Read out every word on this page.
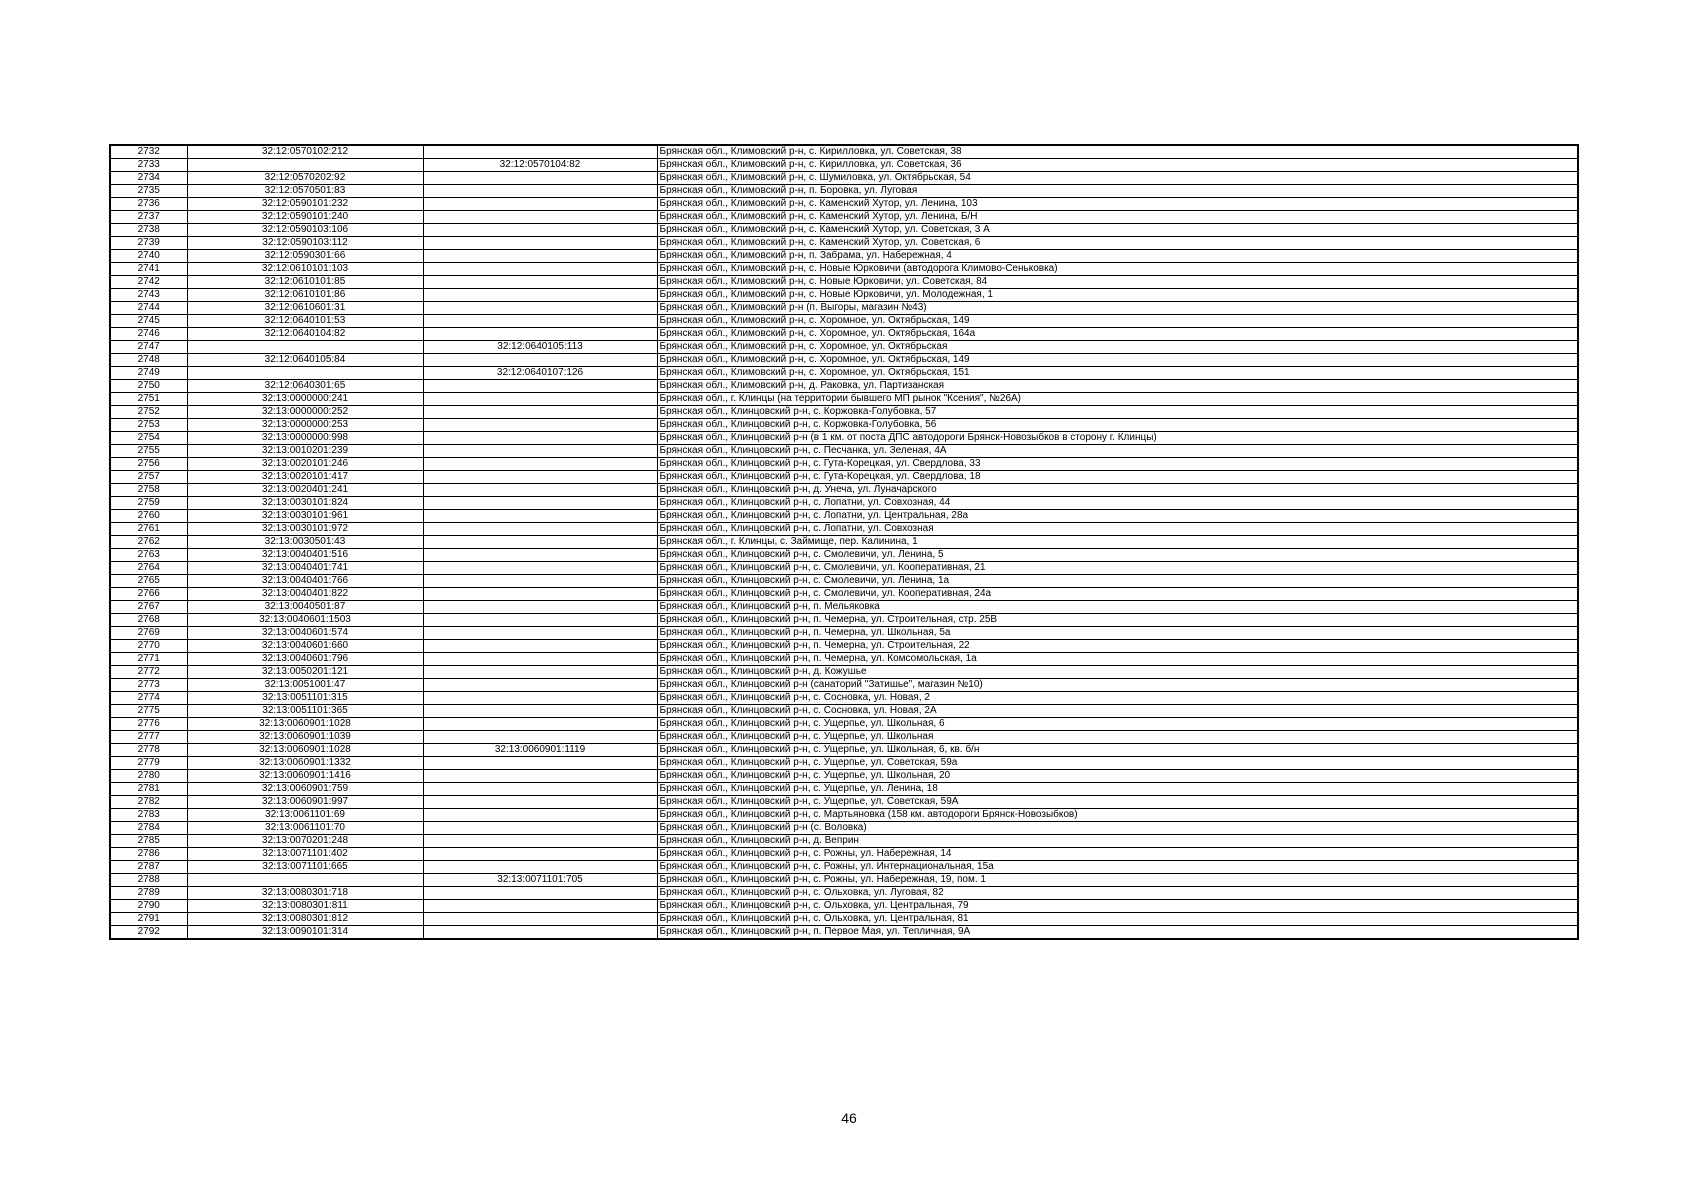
2732	32:12:0570102:212		Брянская обл., Климовский р-н, с. Кирилловка, ул. Советская, 38
2733		32:12:0570104:82	Брянская обл., Климовский р-н, с. Кирилловка, ул. Советская, 36
2734	32:12:0570202:92		Брянская обл., Климовский р-н, с. Шумиловка, ул. Октябрьская, 54
2735	32:12:0570501:83		Брянская обл., Климовский р-н, п. Боровка, ул. Луговая
2736	32:12:0590101:232		Брянская обл., Климовский р-н, с. Каменский Хутор, ул. Ленина, 103
2737	32:12:0590101:240		Брянская обл., Климовский р-н, с. Каменский Хутор, ул. Ленина, Б/Н
2738	32:12:0590103:106		Брянская обл., Климовский р-н, с. Каменский Хутор, ул. Советская, 3 А
2739	32:12:0590103:112		Брянская обл., Климовский р-н, с. Каменский Хутор, ул. Советская, 6
2740	32:12:0590301:66		Брянская обл., Климовский р-н, п. Забрама, ул. Набережная, 4
2741	32:12:0610101:103		Брянская обл., Климовский р-н, с. Новые Юрковичи (автодорога Климово-Сеньковка)
2742	32:12:0610101:85		Брянская обл., Климовский р-н, с. Новые Юрковичи, ул. Советская, 84
2743	32:12:0610101:86		Брянская обл., Климовский р-н, с. Новые Юрковичи, ул. Молодежная, 1
2744	32:12:0610601:31		Брянская обл., Климовский р-н (п. Выгоры, магазин №43)
2745	32:12:0640101:53		Брянская обл., Климовский р-н, с. Хоромное, ул. Октябрьская, 149
2746	32:12:0640104:82		Брянская обл., Климовский р-н, с. Хоромное, ул. Октябрьская, 164а
2747		32:12:0640105:113	Брянская обл., Климовский р-н, с. Хоромное, ул. Октябрьская
2748	32:12:0640105:84		Брянская обл., Климовский р-н, с. Хоромное, ул. Октябрьская, 149
2749		32:12:0640107:126	Брянская обл., Климовский р-н, с. Хоромное, ул. Октябрьская, 151
2750	32:12:0640301:65		Брянская обл., Климовский р-н, д. Раковка, ул. Партизанская
2751	32:13:0000000:241		Брянская обл., г. Клинцы (на территории бывшего МП рынок "Ксения", №26А)
2752	32:13:0000000:252		Брянская обл., Клинцовский р-н, с. Коржовка-Голубовка, 57
2753	32:13:0000000:253		Брянская обл., Клинцовский р-н, с. Коржовка-Голубовка, 56
2754	32:13:0000000:998		Брянская обл., Клинцовский р-н (в 1 км. от поста ДПС автодороги Брянск-Новозыбков в сторону г. Клинцы)
2755	32:13:0010201:239		Брянская обл., Клинцовский р-н, с. Песчанка, ул. Зеленая, 4А
2756	32:13:0020101:246		Брянская обл., Клинцовский р-н, с. Гута-Корецкая, ул. Свердлова, 33
2757	32:13:0020101:417		Брянская обл., Клинцовский р-н, с. Гута-Корецкая, ул. Свердлова, 18
2758	32:13:0020401:241		Брянская обл., Клинцовский р-н, д. Унеча, ул. Луначарского
2759	32:13:0030101:824		Брянская обл., Клинцовский р-н, с. Лопатни, ул. Совхозная, 44
2760	32:13:0030101:961		Брянская обл., Клинцовский р-н, с. Лопатни, ул. Центральная, 28а
2761	32:13:0030101:972		Брянская обл., Клинцовский р-н, с. Лопатни, ул. Совхозная
2762	32:13:0030501:43		Брянская обл., г. Клинцы, с. Займище, пер. Калинина, 1
2763	32:13:0040401:516		Брянская обл., Клинцовский р-н, с. Смолевичи, ул. Ленина, 5
2764	32:13:0040401:741		Брянская обл., Клинцовский р-н, с. Смолевичи, ул. Кооперативная, 21
2765	32:13:0040401:766		Брянская обл., Клинцовский р-н, с. Смолевичи, ул. Ленина, 1а
2766	32:13:0040401:822		Брянская обл., Клинцовский р-н, с. Смолевичи, ул. Кооперативная, 24а
2767	32:13:0040501:87		Брянская обл., Клинцовский р-н, п. Мельяковка
2768	32:13:0040601:1503		Брянская обл., Клинцовский р-н, п. Чемерна, ул. Строительная, стр. 25В
2769	32:13:0040601:574		Брянская обл., Клинцовский р-н, п. Чемерна, ул. Школьная, 5а
2770	32:13:0040601:660		Брянская обл., Клинцовский р-н, п. Чемерна, ул. Строительная, 22
2771	32:13:0040601:796		Брянская обл., Клинцовский р-н, п. Чемерна, ул. Комсомольская, 1а
2772	32:13:0050201:121		Брянская обл., Клинцовский р-н, д. Кожушье
2773	32:13:0051001:47		Брянская обл., Клинцовский р-н (санаторий "Затишье", магазин №10)
2774	32:13:0051101:315		Брянская обл., Клинцовский р-н, с. Сосновка, ул. Новая, 2
2775	32:13:0051101:365		Брянская обл., Клинцовский р-н, с. Сосновка, ул. Новая, 2А
2776	32:13:0060901:1028		Брянская обл., Клинцовский р-н, с. Ущерпье, ул. Школьная, 6
2777	32:13:0060901:1039		Брянская обл., Клинцовский р-н, с. Ущерпье, ул. Школьная
2778	32:13:0060901:1028	32:13:0060901:1119	Брянская обл., Клинцовский р-н, с. Ущерпье, ул. Школьная, 6, кв. б/н
2779	32:13:0060901:1332		Брянская обл., Клинцовский р-н, с. Ущерпье, ул. Советская, 59а
2780	32:13:0060901:1416		Брянская обл., Клинцовский р-н, с. Ущерпье, ул. Школьная, 20
2781	32:13:0060901:759		Брянская обл., Клинцовский р-н, с. Ущерпье, ул. Ленина, 18
2782	32:13:0060901:997		Брянская обл., Клинцовский р-н, с. Ущерпье, ул. Советская, 59А
2783	32:13:0061101:69		Брянская обл., Клинцовский р-н, с. Мартьяновка (158 км. автодороги Брянск-Новозыбков)
2784	32:13:0061101:70		Брянская обл., Клинцовский р-н (с. Воловка)
2785	32:13:0070201:248		Брянская обл., Клинцовский р-н, д. Веприн
2786	32:13:0071101:402		Брянская обл., Клинцовский р-н, с. Рожны, ул. Набережная, 14
2787	32:13:0071101:665		Брянская обл., Клинцовский р-н, с. Рожны, ул. Интернациональная, 15а
2788		32:13:0071101:705	Брянская обл., Клинцовский р-н, с. Рожны, ул. Набережная, 19, пом. 1
2789	32:13:0080301:718		Брянская обл., Клинцовский р-н, с. Ольховка, ул. Луговая, 82
2790	32:13:0080301:811		Брянская обл., Клинцовский р-н, с. Ольховка, ул. Центральная, 79
2791	32:13:0080301:812		Брянская обл., Клинцовский р-н, с. Ольховка, ул. Центральная, 81
2792	32:13:0090101:314		Брянская обл., Клинцовский р-н, п. Первое Мая, ул. Тепличная, 9А
46
